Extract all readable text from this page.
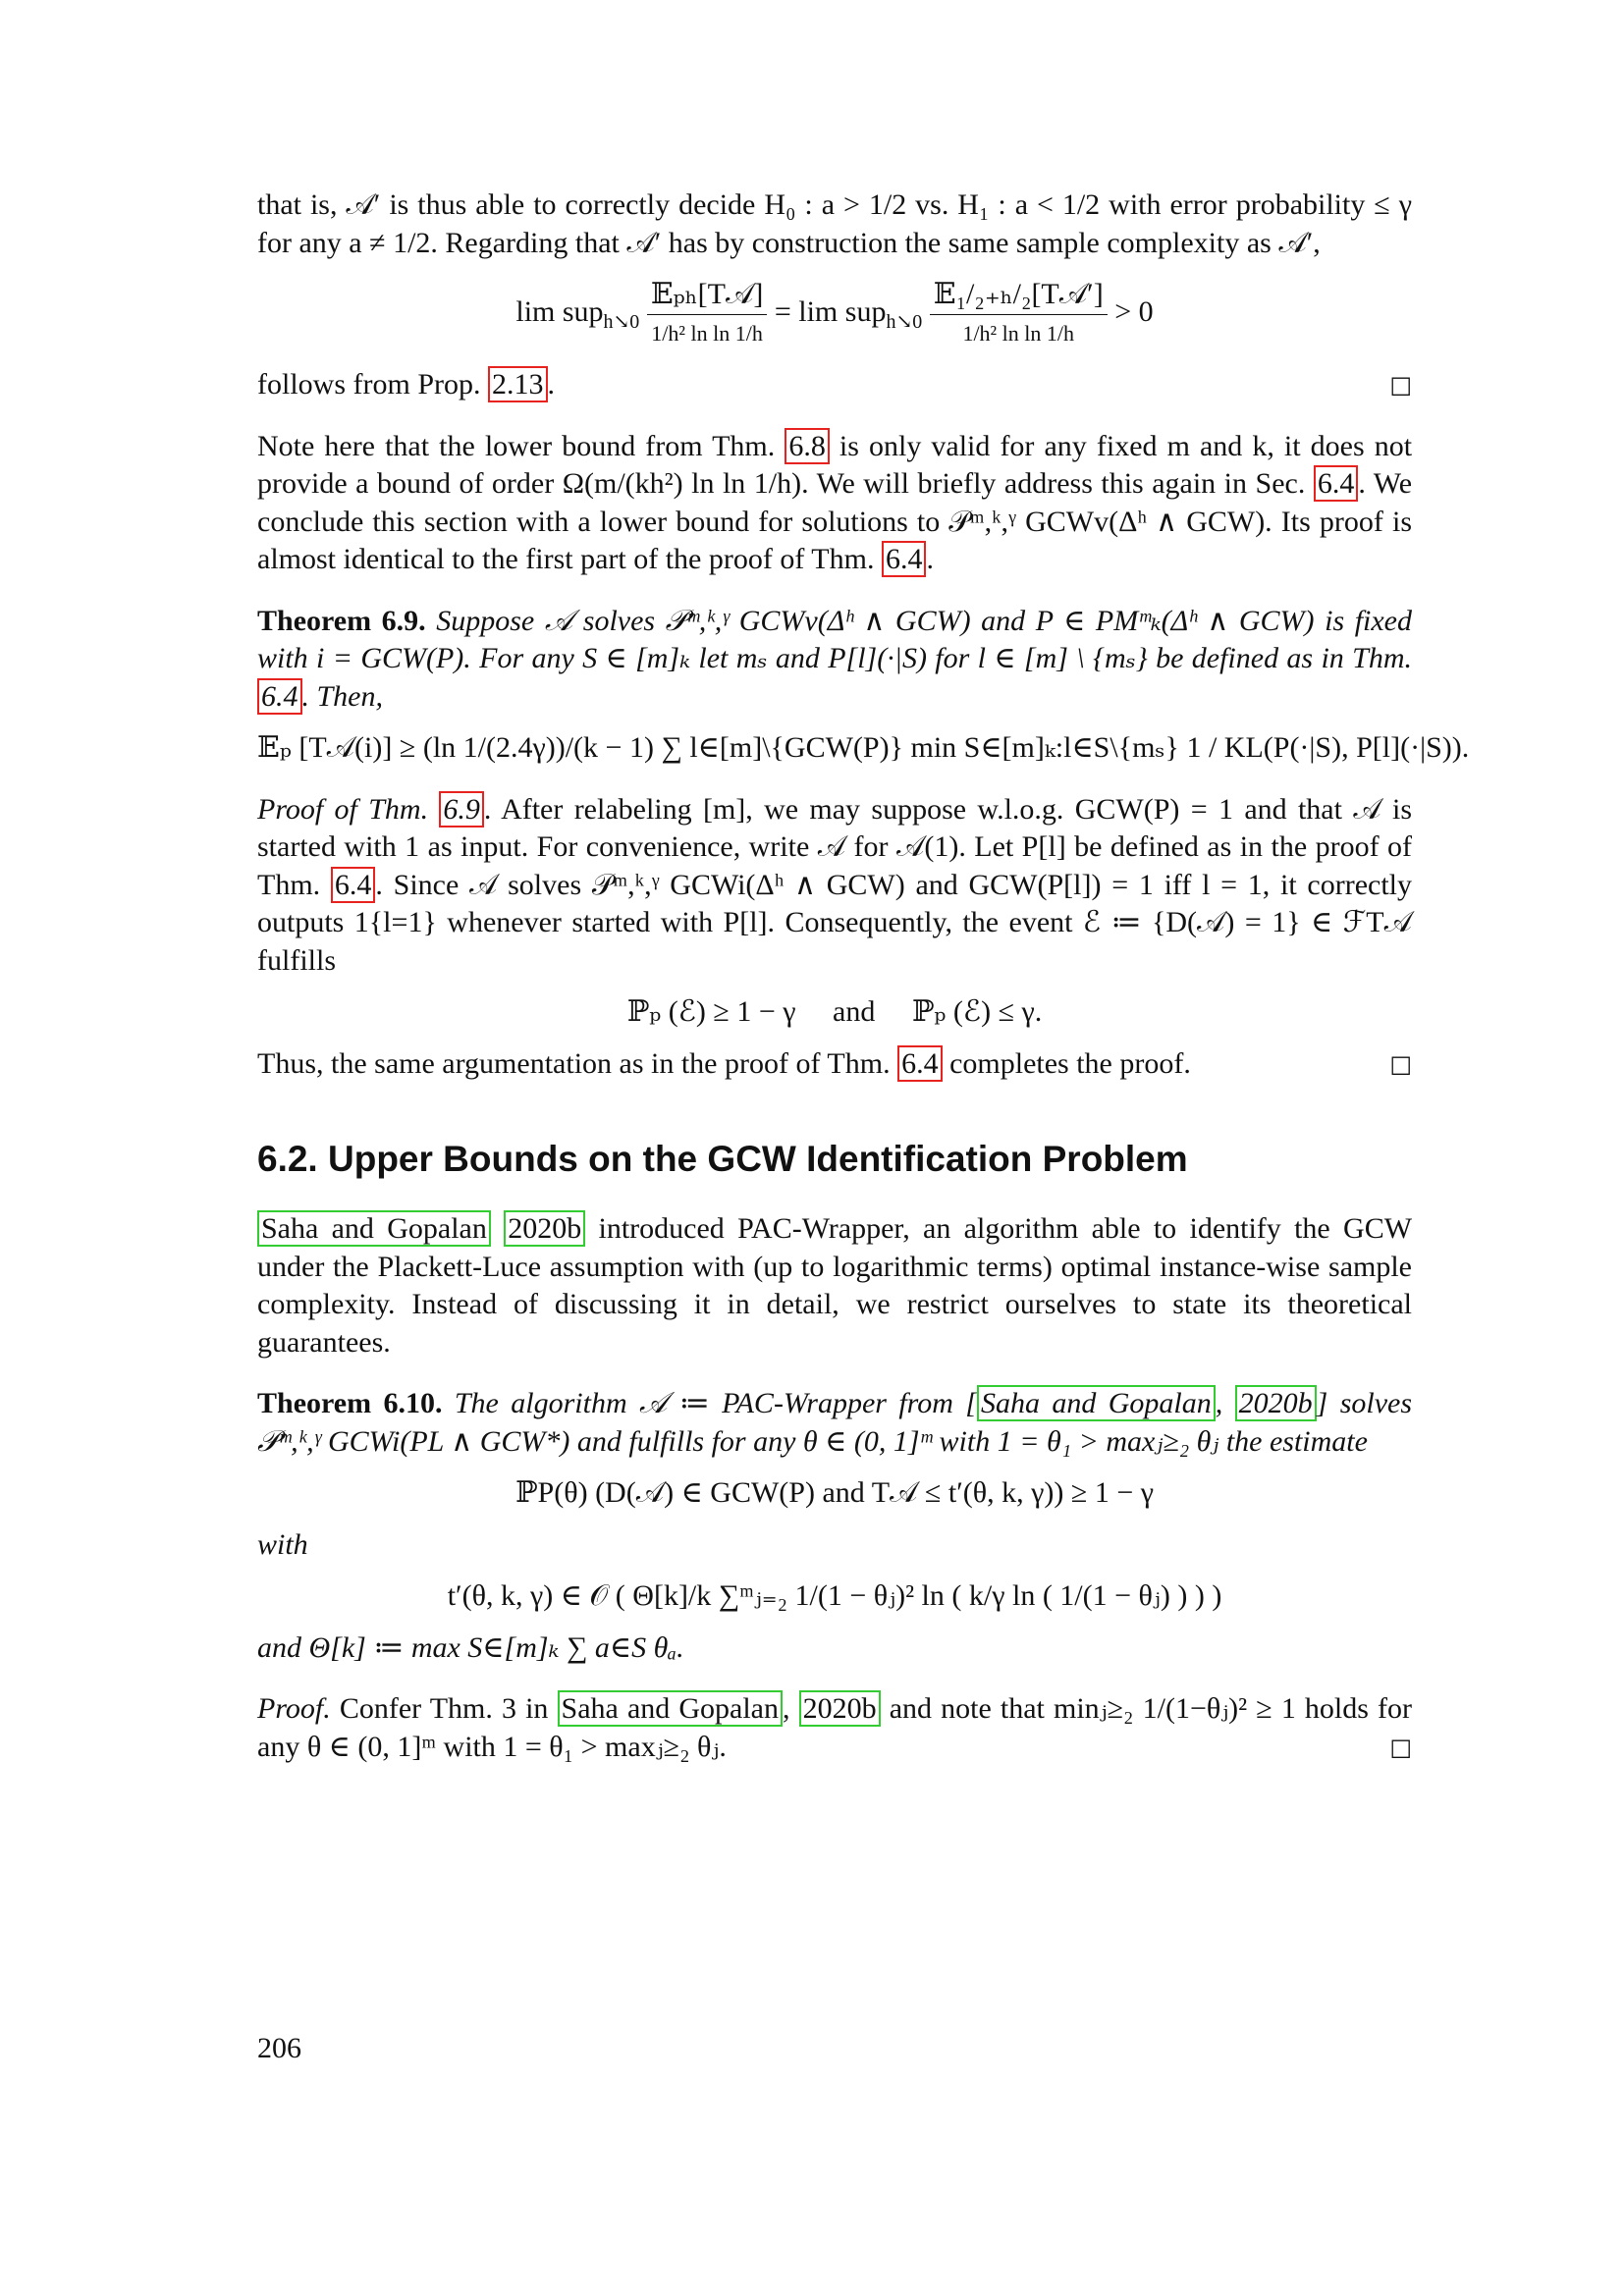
that is, 𝒜′ is thus able to correctly decide H₀ : a > 1/2 vs. H₁ : a < 1/2 with error probability ≤ γ for any a ≠ 1/2. Regarding that 𝒜′ has by construction the same sample complexity as 𝒜′,

$\lim sup_{h↘0} \frac{\text{𝔼ₚₕ[T𝒜]}}{\text{1/h² ln ln 1/h}} = \lim sup_{h↘0} \frac{\text{𝔼₁/₂₊ₕ/₂[T𝒜′]}}{\text{1/h² ln ln 1/h}} > 0$

follows from Prop. 2.13 .	□

Note here that the lower bound from Thm. 6.8 is only valid for any fixed m and k, it does not provide a bound of order Ω(m/(kh²) ln ln 1/h). We will briefly address this again in Sec. 6.4 . We conclude this section with a lower bound for solutions to 𝒫ᵐ,ᵏ,ᵞ GCWv(Δʰ ∧ GCW). Its proof is almost identical to the first part of the proof of Thm. 6.4 .

Theorem 6.9. Suppose 𝒜 solves 𝒫ᵐ,ᵏ,ᵞ GCWv(Δʰ ∧ GCW) and P ∈ PMᵐₖ(Δʰ ∧ GCW) is fixed with i = GCW(P). For any S ∈ [m]ₖ let mₛ and P[l](·|S) for l ∈ [m] \ {mₛ} be defined as in Thm. 6.4 . Then,

𝔼ₚ [T𝒜(i)] ≥ (ln 1/(2.4γ))/(k − 1) ∑ l∈[m]\{GCW(P)} min S∈[m]ₖ:l∈S\{mₛ} 1 / KL(P(·|S), P[l](·|S)).

Proof of Thm. 6.9 . After relabeling [m], we may suppose w.l.o.g. GCW(P) = 1 and that 𝒜 is started with 1 as input. For convenience, write 𝒜 for 𝒜(1). Let P[l] be defined as in the proof of Thm. 6.4 . Since 𝒜 solves 𝒫ᵐ,ᵏ,ᵞ GCWi(Δʰ ∧ GCW) and GCW(P[l]) = 1 iff l = 1, it correctly outputs 1{l=1} whenever started with P[l]. Consequently, the event ℰ ≔ {D(𝒜) = 1} ∈ ℱT𝒜 fulfills

ℙₚ (ℰ) ≥ 1 − γ and ℙₚ (ℰ) ≤ γ.

Thus, the same argumentation as in the proof of Thm. 6.4 completes the proof.	□

6.2. Upper Bounds on the GCW Identification Problem

Saha and Gopalan 2020b introduced PAC-Wrapper, an algorithm able to identify the GCW under the Plackett-Luce assumption with (up to logarithmic terms) optimal instance-wise sample complexity. Instead of discussing it in detail, we restrict ourselves to state its theoretical guarantees.

Theorem 6.10. The algorithm 𝒜 ≔ PAC-Wrapper from [ Saha and Gopalan , 2020b ] solves 𝒫ᵐ,ᵏ,ᵞ GCWi(PL ∧ GCW*) and fulfills for any θ ∈ (0, 1]ᵐ with 1 = θ₁ > maxⱼ≥₂ θⱼ the estimate

ℙP(θ) (D(𝒜) ∈ GCW(P) and T𝒜 ≤ t′(θ, k, γ)) ≥ 1 − γ

with

t′(θ, k, γ) ∈ 𝒪 ( Θ[k]/k ∑ᵐⱼ₌₂ 1/(1 − θⱼ)² ln ( k/γ ln ( 1/(1 − θⱼ) ) ) )

and Θ[k] ≔ max S∈[m]ₖ ∑ a∈S θₐ.

Proof. Confer Thm. 3 in Saha and Gopalan , 2020b and note that minⱼ≥₂ 1/(1−θⱼ)² ≥ 1 holds for any θ ∈ (0, 1]ᵐ with 1 = θ₁ > maxⱼ≥₂ θⱼ.	□

206
